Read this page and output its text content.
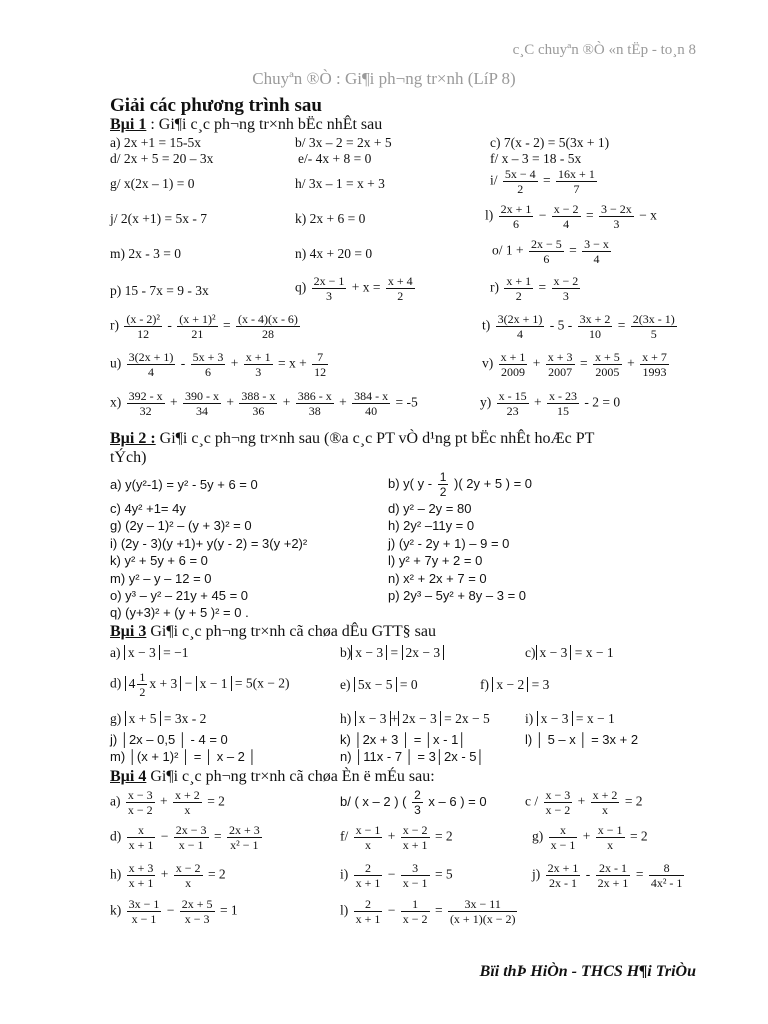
c¸C chuyªn ®Ò «n tËp - to¸n 8
Chuyªn ®Ò : Gi¶i ph¬ng tr×nh (LíP 8)
Giải các phương trình sau
Bµi 1 : Gi¶i c¸c ph¬ng tr×nh bËc nhÊt sau
a) 2x +1 = 15-5x	b/ 3x – 2 = 2x + 5	c) 7(x - 2) = 5(3x + 1)
d/ 2x + 5 = 20 – 3x	e/- 4x + 8 = 0	f/ x – 3 = 18 - 5x
g/ x(2x – 1) = 0	h/ 3x – 1 = x + 3	$i/ \frac{5x - 4}{2} = \frac{16x + 1}{7}$
j/ 2(x +1) = 5x - 7	k) 2x + 6 = 0	$l) \frac{2x + 1}{6} - \frac{x - 2}{4} = \frac{3 - 2x}{3} - x$
m) 2x - 3 = 0	n) 4x + 20 = 0	o/ $1 + \frac{2x - 5}{6} = \frac{3 - x}{4}$
p) 15 - 7x = 9 - 3x	$q) \frac{2x - 1}{3} + x = \frac{x + 4}{2}$	$r) \frac{x + 1}{2} = \frac{x - 2}{3}$
$r) \frac{\text{(x - 2)²}}{12} - \frac{\text{(x + 1)²}}{21} = \frac{(x - 4)(x - 6)}{28}$	$t) \frac{3(2x + 1)}{4} - 5 - \frac{3x + 2}{10} = \frac{2(3x - 1)}{5}$
$u) \frac{3(2x + 1)}{4} - \frac{5x + 3}{6} + \frac{x + 1}{3} = x + \frac{7}{12}$	$v) \frac{x + 1}{2009} + \frac{x + 3}{2007} = \frac{x + 5}{2005} + \frac{x + 7}{1993}$
$x) \frac{392 - x}{32} + \frac{390 - x}{34} + \frac{388 - x}{36} + \frac{386 - x}{38} + \frac{384 - x}{40} = -5$	$y) \frac{x - 15}{23} + \frac{x - 23}{15} - 2 = 0$
Bµi 2 : Gi¶i c¸c ph¬ng tr×nh sau (®a c¸c PT vÒ d¹ng pt bËc nhÊt hoÆc PT
tÝch)
a) y(y²-1) = y² - 5y + 6 = 0	b) y( y - $\frac{1}{2}$ )( 2y + 5 ) = 0
c) 4y² +1= 4y	d) y² – 2y = 80
g) (2y – 1)² – (y + 3)² = 0	h) 2y² –11y = 0
i) (2y - 3)(y +1)+ y(y - 2) = 3(y +2)²	j) (y² - 2y + 1) – 9 = 0
k) y² + 5y + 6 = 0	l) y² + 7y + 2 = 0
m) y² – y – 12 = 0	n) x² + 2x + 7 = 0
o) y³ – y² – 21y + 45 = 0	p) 2y³ – 5y² + 8y – 3 = 0
q) (y+3)² + (y + 5 )² = 0 .
Bµi 3 Gi¶i c¸c ph¬ng tr×nh cã chøa dÊu GTT§ sau
a) x − 3 = −1	b) x − 3 = 2x − 3	c) x − 3 = x − 1
d) $4 \frac{1}{2}$ x + 3 − x − 1 = 5(x − 2)	e) 5x − 5 = 0	f) x − 2 = 3
g) x + 5 = 3x - 2	h) x − 3 + 2x − 3 = 2x − 5	i) x − 3 = x − 1
j) │2x – 0,5 │ - 4 = 0	k) │2x + 3 │ = │x - 1│	l) │ 5 – x │ = 3x + 2
m) │(x + 1)² │ = │ x – 2 │	n) │11x - 7 │ = 3│2x - 5│
Bµi 4 Gi¶i c¸c ph¬ng tr×nh cã chøa Èn ë mÉu sau:
$a) \frac{x - 3}{x - 2} + \frac{x + 2}{x} = 2$	b/ ( x – 2 ) ( $\frac{2}{3}$ x – 6 ) = 0	$c / \frac{x - 3}{x - 2} + \frac{x + 2}{x} = 2$
$d) \frac{x}{x + 1} - \frac{2x - 3}{x - 1} = \frac{2x + 3}{\text{x² − 1}}$	$f/ \frac{x - 1}{x} + \frac{x - 2}{x + 1} = 2$	$g) \frac{x}{x - 1} + \frac{x - 1}{x} = 2$
$h) \frac{x + 3}{x + 1} + \frac{x - 2}{x} = 2$	$i) \frac{2}{x + 1} - \frac{3}{x - 1} = 5$	$j) \frac{2x + 1}{2x - 1} - \frac{2x - 1}{2x + 1} = \frac{8}{\text{4x² - 1}}$
$k) \frac{3x - 1}{x - 1} - \frac{2x + 5}{x - 3} = 1$	$l) \frac{2}{x + 1} - \frac{1}{x - 2} = \frac{3x - 11}{(x + 1)(x - 2)}$
Bïi thÞ HiÒn - THCS H¶i TriÒu
